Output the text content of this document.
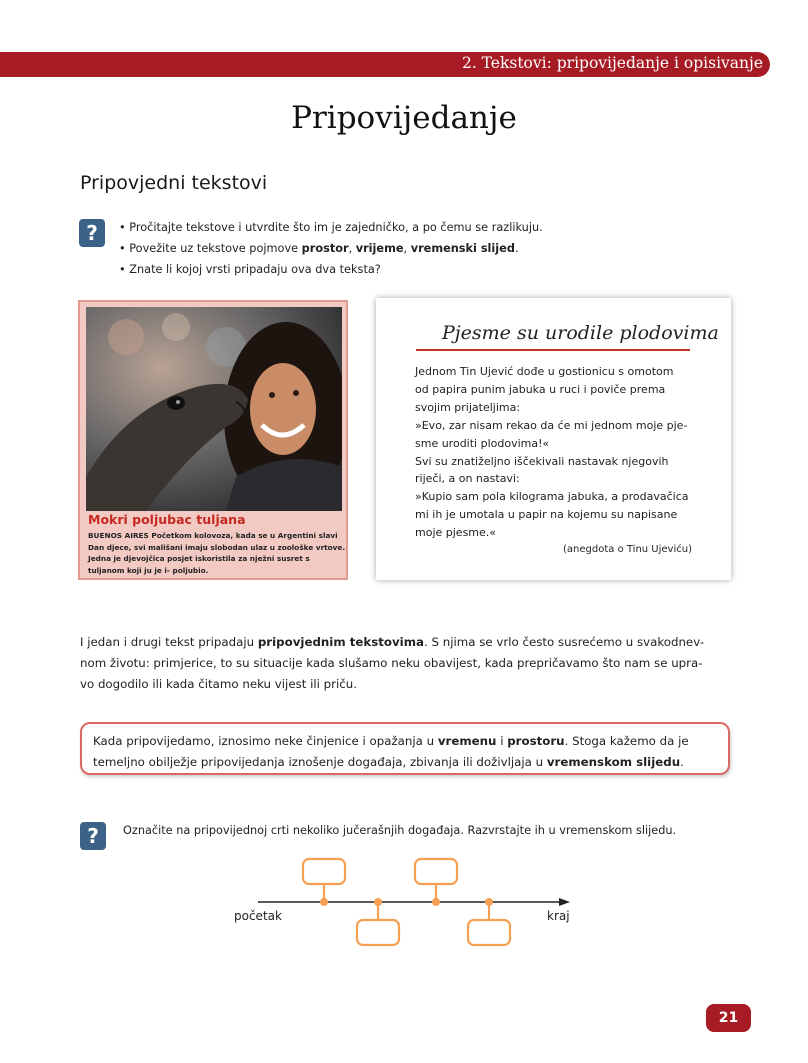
2. Tekstovi: pripovijedanje i opisivanje
Pripovijedanje
Pripovjedni tekstovi
?	• Pročitajte tekstove i utvrdite što im je zajedničko, a po čemu se razlikuju.
• Povežite uz tekstove pojmove prostor, vrijeme, vremenski slijed.
• Znate li kojoj vrsti pripadaju ova dva teksta?
Mokri poljubac tuljana
BUENOS AIRES Početkom kolovoza, kada se u Argentini slavi Dan djece, svi mališani imaju slobodan ulaz u zoološke vrtove. Jedna je djevojčica posjet iskoristila za nježni susret s tuljanom koji ju je i- poljubio.
Pjesme su urodile plodovima
Jednom Tin Ujević dođe u gostionicu s omotom
od papira punim jabuka u ruci i poviče prema
svojim prijateljima:
»Evo, zar nisam rekao da će mi jednom moje pje-
sme uroditi plodovima!«
Svi su znatiželjno iščekivali nastavak njegovih
riječi, a on nastavi:
»Kupio sam pola kilograma jabuka, a prodavačica
mi ih je umotala u papir na kojemu su napisane
moje pjesme.«
(anegdota o Tinu Ujeviću)
I jedan i drugi tekst pripadaju pripovjednim tekstovima. S njima se vrlo često susrećemo u svakodnev-
nom životu: primjerice, to su situacije kada slušamo neku obavijest, kada prepričavamo što nam se upra-
vo dogodilo ili kada čitamo neku vijest ili priču.
Kada pripovijedamo, iznosimo neke činjenice i opažanja u vremenu i prostoru. Stoga kažemo da je
temeljno obilježje pripovijedanja iznošenje događaja, zbivanja ili doživljaja u vremenskom slijedu.
?	Označite na pripovijednoj crti nekoliko jučerašnjih događaja. Razvrstajte ih u vremenskom slijedu.
početak	kraj
21
